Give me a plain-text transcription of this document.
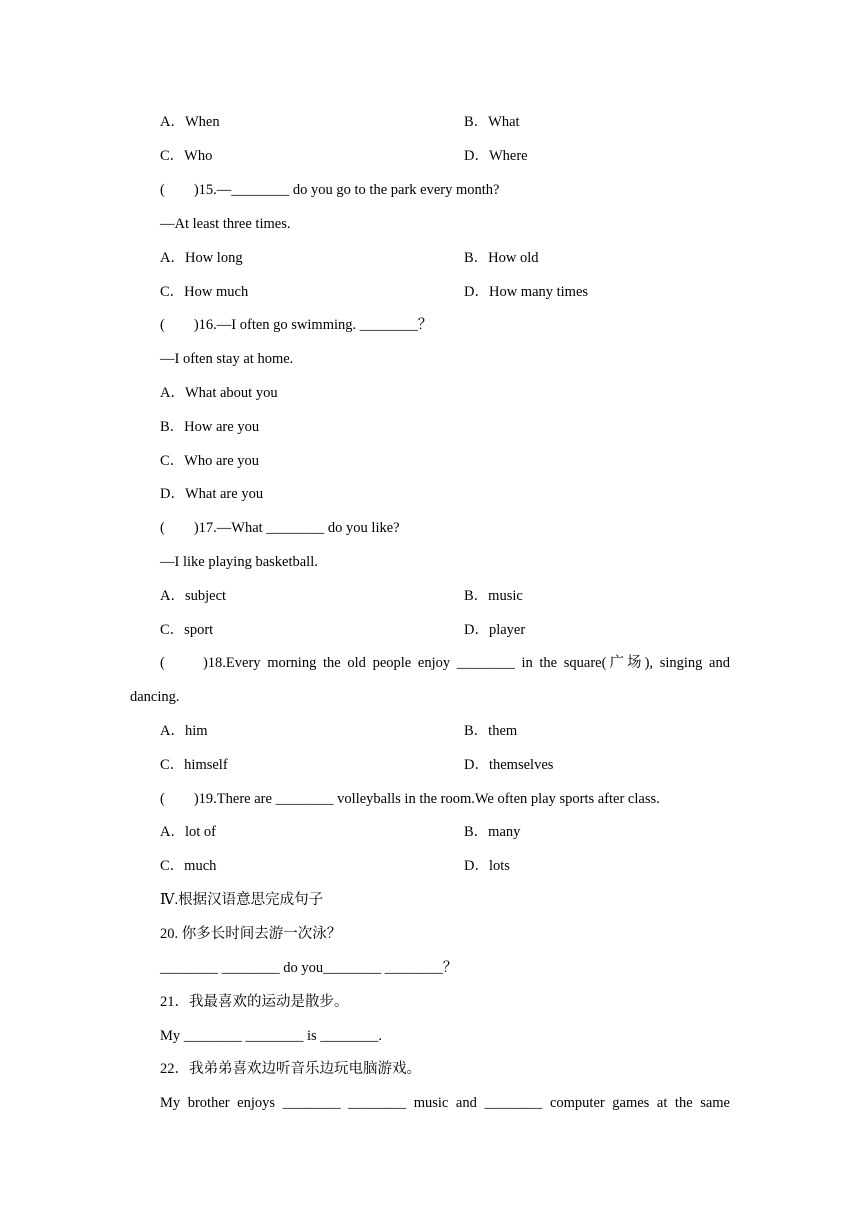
A．When	B．What
C．Who	D．Where
(　　)15.—________ do you go to the park every month?
—At least three times.
A．How long	B．How old
C．How much	D．How many times
(　　)16.—I often go swimming. ________？
—I often stay at home.
A．What about you
B．How are you
C．Who are you
D．What are you
(　　)17.—What ________ do you like?
—I like playing basketball.
A．subject	B．music
C．sport	D．player
(　　)18.Every morning the old people enjoy ________ in the square(广场), singing and
dancing.
A．him	B．them
C．himself	D．themselves
(　　)19.There are ________ volleyballs in the room.We often play sports after class.
A．lot of	B．many
C．much	D．lots
Ⅳ.根据汉语意思完成句子
20. 你多长时间去游一次泳？
________ ________ do you________ ________？
21．我最喜欢的运动是散步。
My ________ ________ is ________.
22．我弟弟喜欢边听音乐边玩电脑游戏。
My brother enjoys ________ ________ music and ________ computer games at the same
